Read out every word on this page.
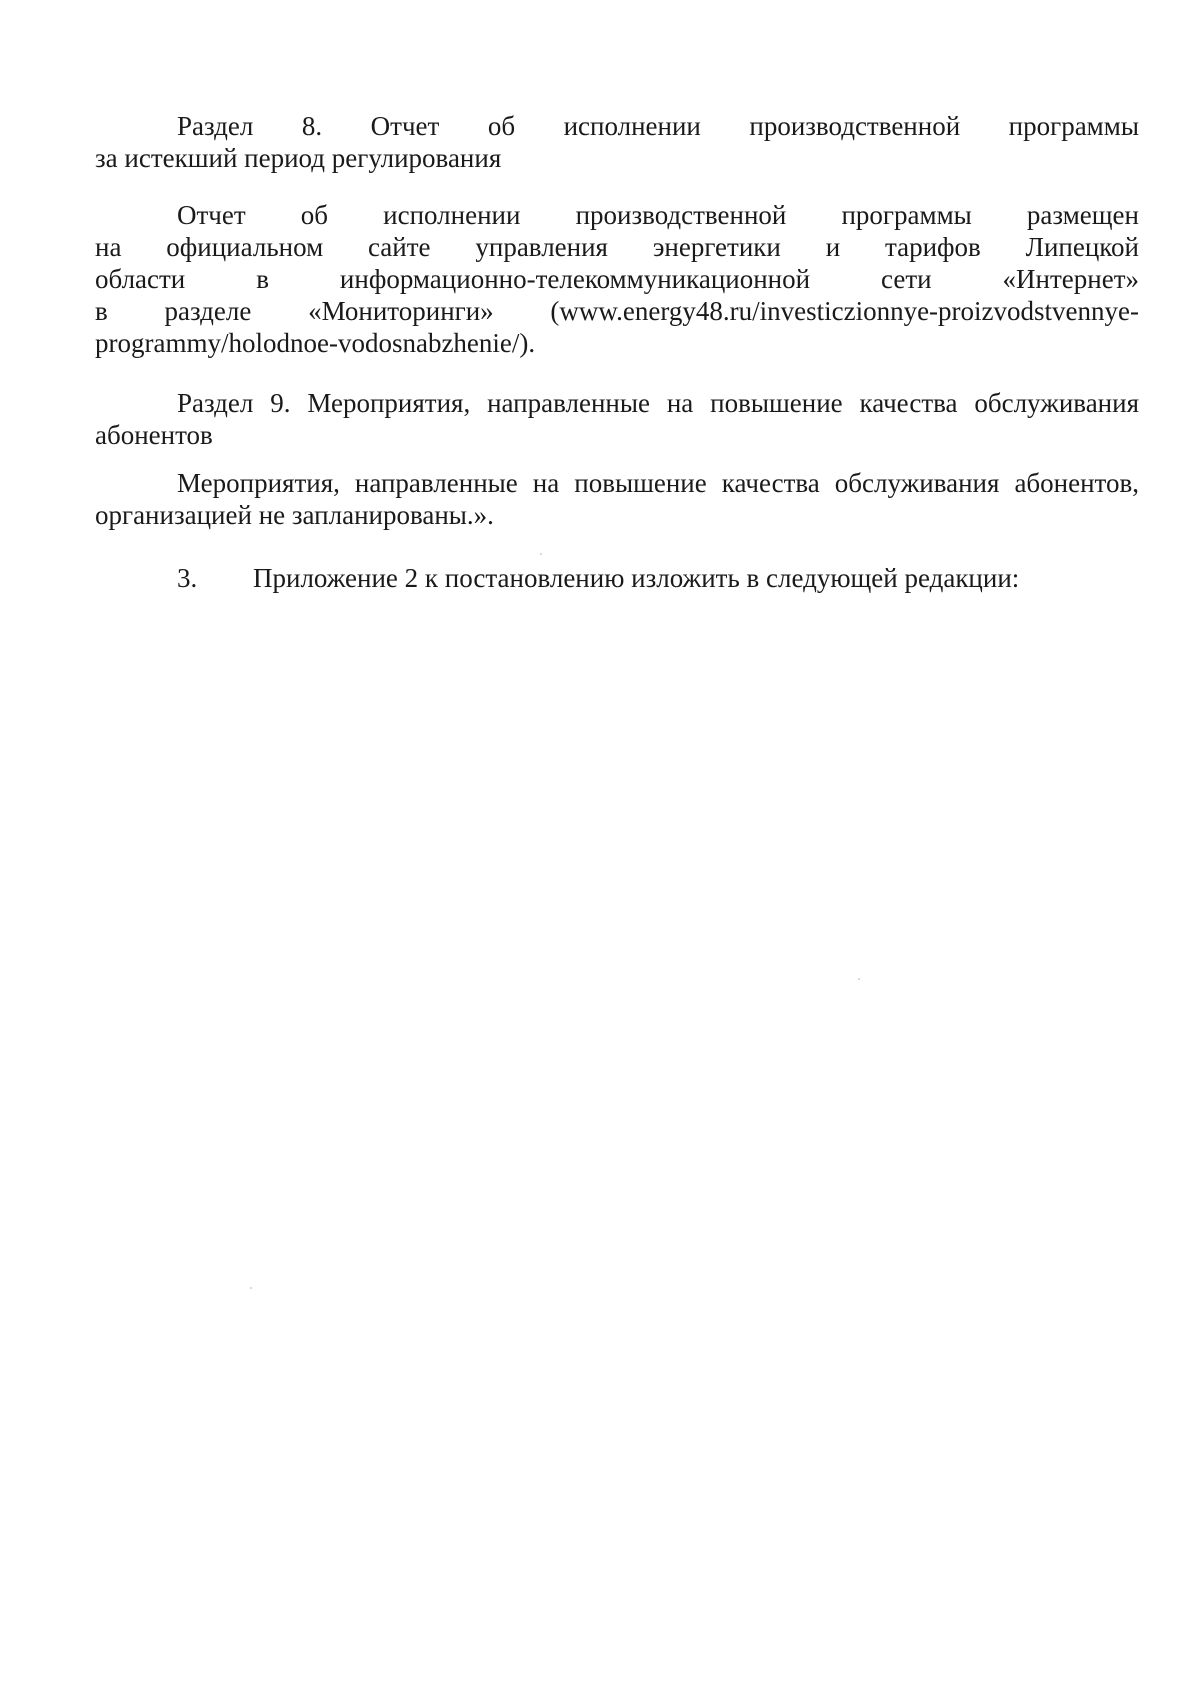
Раздел 8. Отчет об исполнении производственной программы
за истекший период регулирования
Отчет об исполнении производственной программы размещен
на официальном сайте управления энергетики и тарифов Липецкой
области в информационно-телекоммуникационной сети «Интернет»
в разделе «Мониторинги» (www.energy48.ru/investiczionnye-proizvodstvennye-
programmy/holodnoe-vodosnabzhenie/).
Раздел 9. Мероприятия, направленные на повышение качества обслуживания
абонентов
Мероприятия, направленные на повышение качества обслуживания абонентов,
организацией не запланированы.».
3. Приложение 2 к постановлению изложить в следующей редакции:
